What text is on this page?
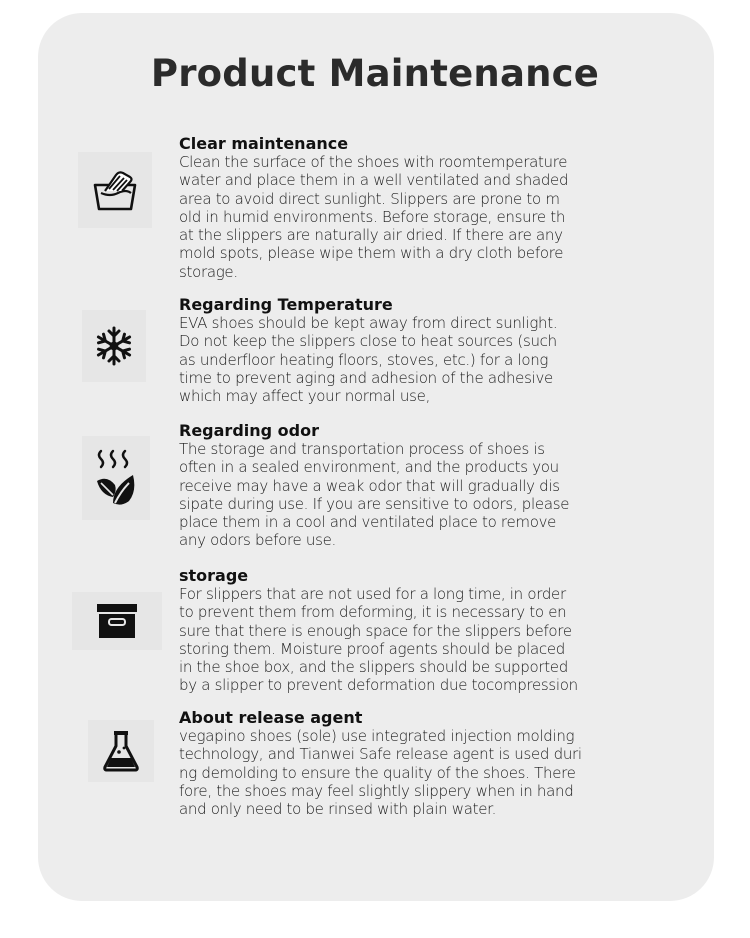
Product Maintenance
Clear maintenance
Clean the surface of the shoes with roomtemperature
water and place them in a well ventilated and shaded
area to avoid direct sunlight. Slippers are prone to m
old in humid environments. Before storage, ensure th
at the slippers are naturally air dried. If there are any
mold spots, please wipe them with a dry cloth before
storage.
Regarding Temperature
EVA shoes should be kept away from direct sunlight.
Do not keep the slippers close to heat sources (such
as underfloor heating floors, stoves, etc.) for a long
time to prevent aging and adhesion of the adhesive
which may affect your normal use,
Regarding odor
The storage and transportation process of shoes is
often in a sealed environment, and the products you
receive may have a weak odor that will gradually dis
sipate during use. If you are sensitive to odors, please
place them in a cool and ventilated place to remove
any odors before use.
storage
For slippers that are not used for a long time, in order
to prevent them from deforming, it is necessary to en
sure that there is enough space for the slippers before
storing them. Moisture proof agents should be placed
in the shoe box, and the slippers should be supported
by a slipper to prevent deformation due tocompression
About release agent
vegapino shoes (sole) use integrated injection molding
technology, and Tianwei Safe release agent is used duri
ng demolding to ensure the quality of the shoes. There
fore, the shoes may feel slightly slippery when in hand
and only need to be rinsed with plain water.
